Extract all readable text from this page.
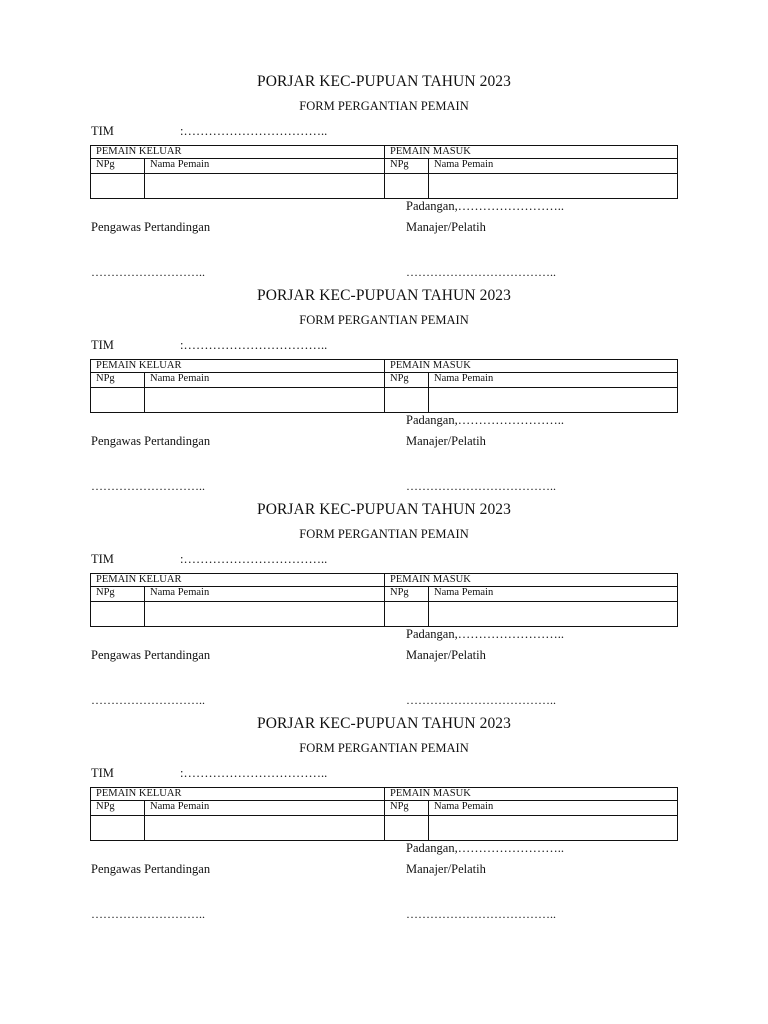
PORJAR KEC-PUPUAN TAHUN 2023
FORM PERGANTIAN PEMAIN
TIM	:……………………………..
PEMAIN KELUAR		PEMAIN MASUK	
NPg	Nama Pemain	NPg	Nama Pemain

Padangan,……………………..
Pengawas Pertandingan	Manajer/Pelatih
………………………..	………………………………..
PORJAR KEC-PUPUAN TAHUN 2023
FORM PERGANTIAN PEMAIN
TIM	:……………………………..
PEMAIN KELUAR		PEMAIN MASUK	
NPg	Nama Pemain	NPg	Nama Pemain

Padangan,……………………..
Pengawas Pertandingan	Manajer/Pelatih
………………………..	………………………………..
PORJAR KEC-PUPUAN TAHUN 2023
FORM PERGANTIAN PEMAIN
TIM	:……………………………..
PEMAIN KELUAR		PEMAIN MASUK	
NPg	Nama Pemain	NPg	Nama Pemain

Padangan,……………………..
Pengawas Pertandingan	Manajer/Pelatih
………………………..	………………………………..
PORJAR KEC-PUPUAN TAHUN 2023
FORM PERGANTIAN PEMAIN
TIM	:……………………………..
PEMAIN KELUAR		PEMAIN MASUK	
NPg	Nama Pemain	NPg	Nama Pemain

Padangan,……………………..
Pengawas Pertandingan	Manajer/Pelatih
………………………..	………………………………..
